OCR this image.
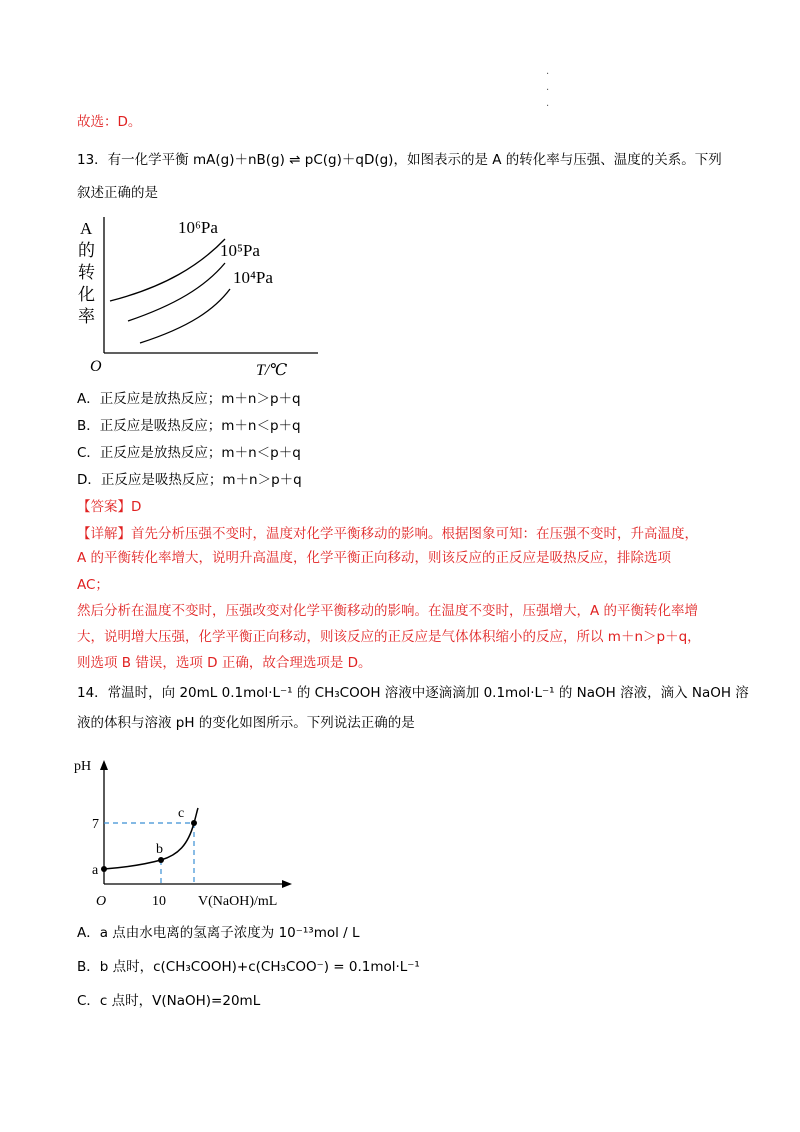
·
·
·
故选：D。
13．有一化学平衡 mA(g)＋nB(g) ⇌ pC(g)＋qD(g)，如图表示的是 A 的转化率与压强、温度的关系。下列
叙述正确的是
A
的
转
化
率
O	T/℃
10⁶Pa
10⁵Pa
10⁴Pa
A．正反应是放热反应；m＋n＞p＋q
B．正反应是吸热反应；m＋n＜p＋q
C．正反应是放热反应；m＋n＜p＋q
D．正反应是吸热反应；m＋n＞p＋q
【答案】D
【详解】首先分析压强不变时，温度对化学平衡移动的影响。根据图象可知：在压强不变时，升高温度，
A 的平衡转化率增大，说明升高温度，化学平衡正向移动，则该反应的正反应是吸热反应，排除选项
AC；
然后分析在温度不变时，压强改变对化学平衡移动的影响。在温度不变时，压强增大，A 的平衡转化率增
大，说明增大压强，化学平衡正向移动，则该反应的正反应是气体体积缩小的反应，所以 m＋n＞p＋q，
则选项 B 错误，选项 D 正确，故合理选项是 D。
14．常温时，向 20mL 0.1mol·L⁻¹ 的 CH₃COOH 溶液中逐滴滴加 0.1mol·L⁻¹ 的 NaOH 溶液，滴入 NaOH 溶
液的体积与溶液 pH 的变化如图所示。下列说法正确的是
pH
a
b
c
7
O	10 V(NaOH)/mL
A．a 点由水电离的氢离子浓度为 10⁻¹³mol / L
B．b 点时，c(CH₃COOH)+c(CH₃COO⁻) = 0.1mol·L⁻¹
C．c 点时，V(NaOH)=20mL
